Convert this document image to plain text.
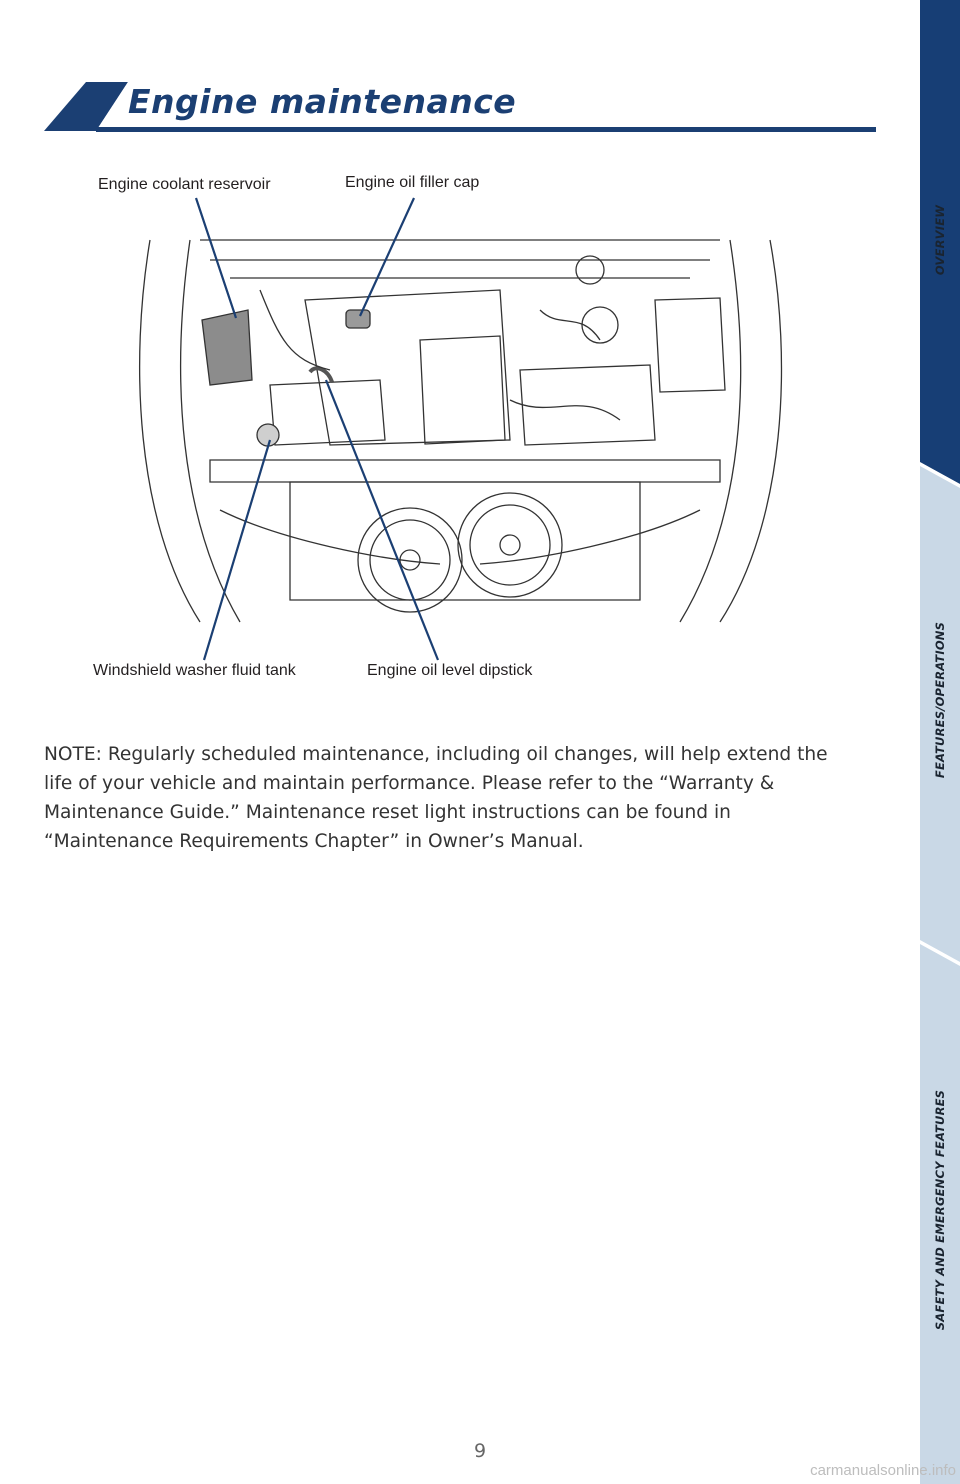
Engine maintenance
OVERVIEW
FEATURES/OPERATIONS
SAFETY AND EMERGENCY FEATURES
Engine coolant reservoir	Engine oil filler cap
Windshield washer fluid tank	Engine oil level dipstick

NOTE: Regularly scheduled maintenance, including oil changes, will help extend the life of your vehicle and maintain performance. Please refer to the “Warranty & Maintenance Guide.” Maintenance reset light instructions can be found in “Maintenance Requirements Chapter” in Owner’s Manual.

9
carmanualsonline.info
